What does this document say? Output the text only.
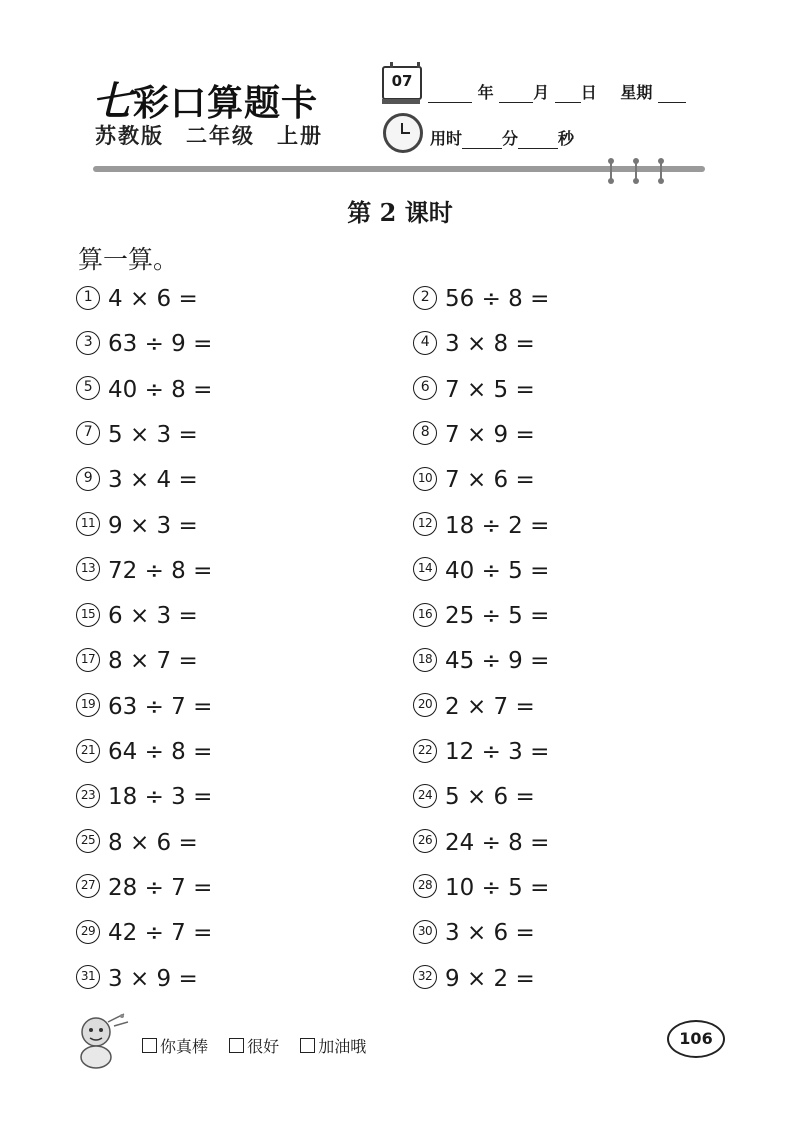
七彩口算题卡
苏教版 二年级 上册
07
年 月 日 星期
用时	分	秒
第 2 课时
算一算。
1 4 × 6 =	2 56 ÷ 8 =
3 63 ÷ 9 =	4 3 × 8 =
5 40 ÷ 8 =	6 7 × 5 =
7 5 × 3 =	8 7 × 9 =
9 3 × 4 =	10 7 × 6 =
11 9 × 3 =	12 18 ÷ 2 =
13 72 ÷ 8 =	14 40 ÷ 5 =
15 6 × 3 =	16 25 ÷ 5 =
17 8 × 7 =	18 45 ÷ 9 =
19 63 ÷ 7 =	20 2 × 7 =
21 64 ÷ 8 =	22 12 ÷ 3 =
23 18 ÷ 3 =	24 5 × 6 =
25 8 × 6 =	26 24 ÷ 8 =
27 28 ÷ 7 =	28 10 ÷ 5 =
29 42 ÷ 7 =	30 3 × 6 =
31 3 × 9 =	32 9 × 2 =
你真棒 很好 加油哦	106
